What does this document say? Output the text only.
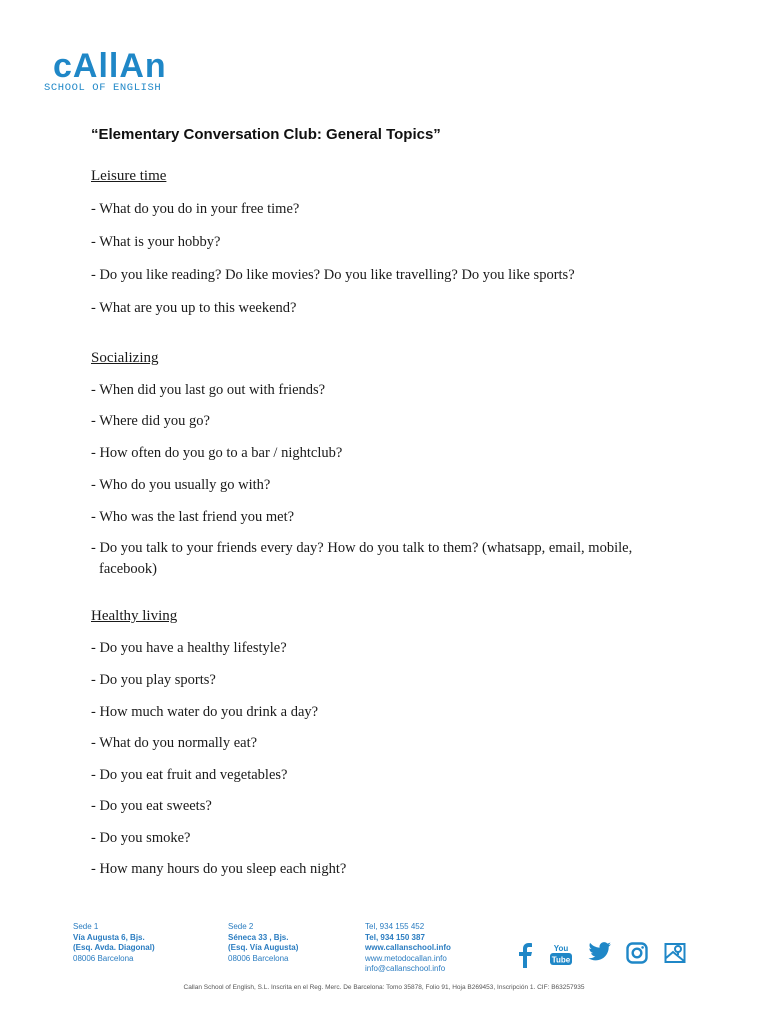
cAllAn
SCHOOL OF ENGLISH
“Elementary Conversation Club: General Topics”
Leisure time
- What do you do in your free time?
- What is your hobby?
- Do you like reading? Do like movies? Do you like travelling? Do you like sports?
- What are you up to this weekend?
Socializing
- When did you last go out with friends?
- Where did you go?
- How often do you go to a bar / nightclub?
- Who do you usually go with?
- Who was the last friend you met?
- Do you talk to your friends every day? How do you talk to them? (whatsapp, email, mobile, facebook)
Healthy living
- Do you have a healthy lifestyle?
- Do you play sports?
- How much water do you drink a day?
- What do you normally eat?
- Do you eat fruit and vegetables?
- Do you eat sweets?
- Do you smoke?
- How many hours do you sleep each night?
Sede 1
Vía Augusta 6, Bjs.
(Esq. Avda. Diagonal)
08006 Barcelona
Sede 2
Séneca 33 , Bjs.
(Esq. Vía Augusta)
08006 Barcelona
Tel, 934 155 452
Tel, 934 150 387
www.callanschool.info
www.metodocallan.info
info@callanschool.info
You
Tube
Callan School of English, S.L. Inscrita en el Reg. Merc. De Barcelona: Tomo 35878, Folio 91, Hoja B269453, Inscripción 1. CIF: B63257935
